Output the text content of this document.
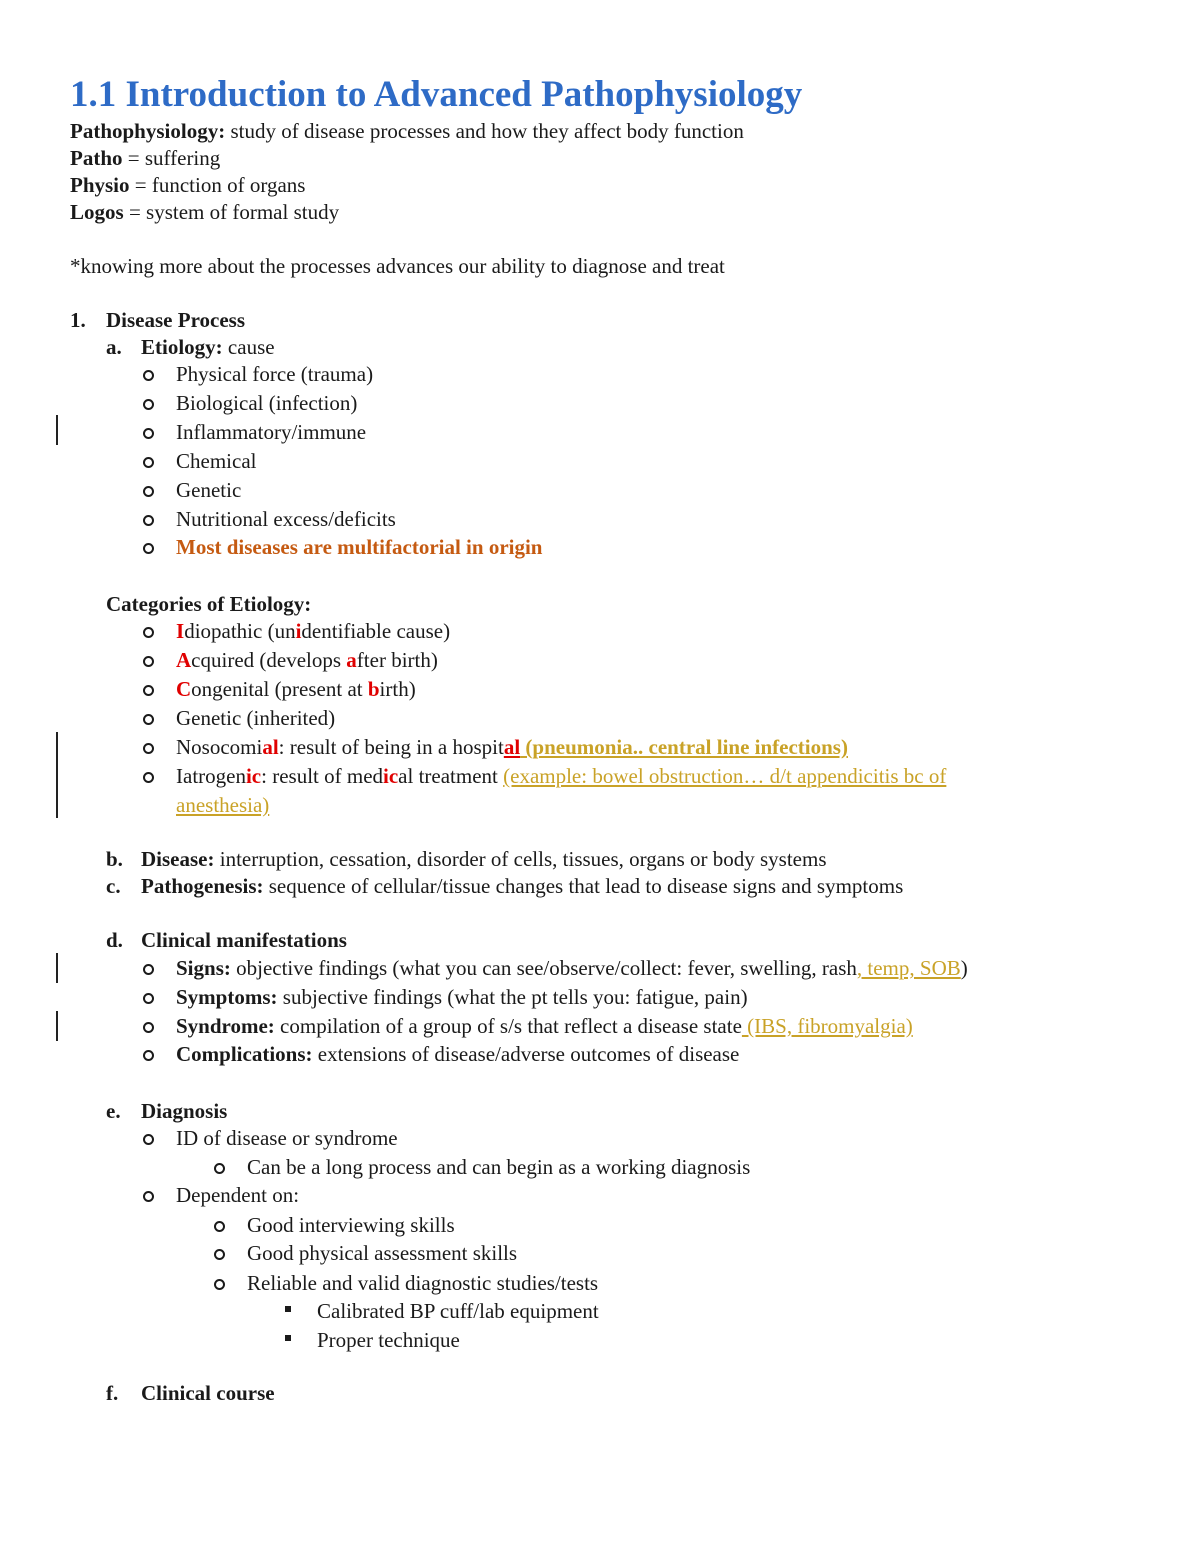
1.1 Introduction to Advanced Pathophysiology
Pathophysiology: study of disease processes and how they affect body function
Patho = suffering
Physio = function of organs
Logos = system of formal study
*knowing more about the processes advances our ability to diagnose and treat
1. Disease Process
a. Etiology: cause
Physical force (trauma)
Biological (infection)
Inflammatory/immune
Chemical
Genetic
Nutritional excess/deficits
Most diseases are multifactorial in origin
Categories of Etiology:
Idiopathic (unidentifiable cause)
Acquired (develops after birth)
Congenital (present at birth)
Genetic (inherited)
Nosocomial: result of being in a hospital (pneumonia.. central line infections)
Iatrogenic: result of medical treatment (example: bowel obstruction… d/t appendicitis bc of
anesthesia)
b. Disease: interruption, cessation, disorder of cells, tissues, organs or body systems
c. Pathogenesis: sequence of cellular/tissue changes that lead to disease signs and symptoms
d. Clinical manifestations
Signs: objective findings (what you can see/observe/collect: fever, swelling, rash, temp, SOB)
Symptoms: subjective findings (what the pt tells you: fatigue, pain)
Syndrome: compilation of a group of s/s that reflect a disease state (IBS, fibromyalgia)
Complications: extensions of disease/adverse outcomes of disease
e. Diagnosis
ID of disease or syndrome
Can be a long process and can begin as a working diagnosis
Dependent on:
Good interviewing skills
Good physical assessment skills
Reliable and valid diagnostic studies/tests
Calibrated BP cuff/lab equipment
Proper technique
f. Clinical course
